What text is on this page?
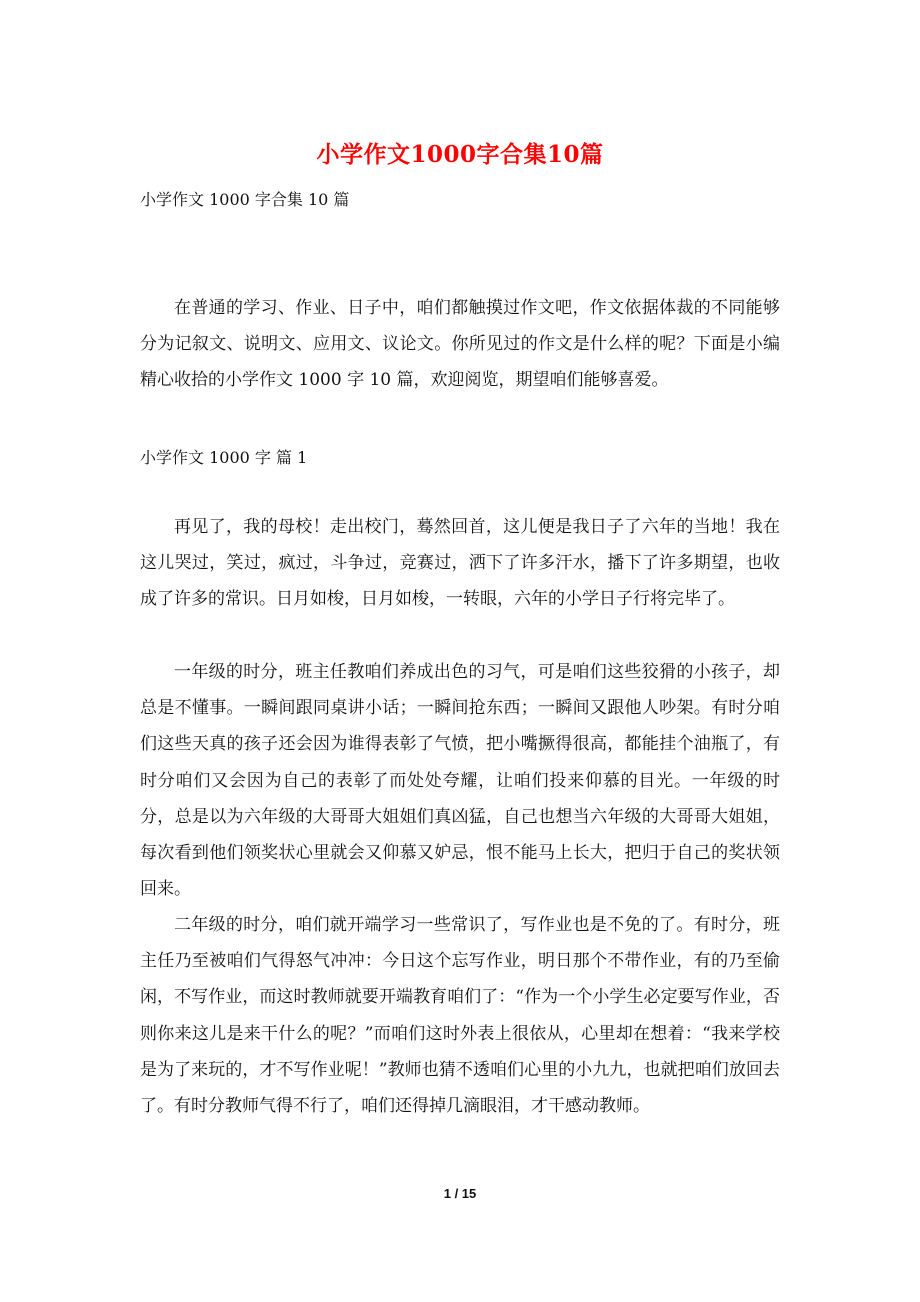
小学作文1000字合集10篇
小学作文 1000 字合集 10 篇

在普通的学习、作业、日子中，咱们都触摸过作文吧，作文依据体裁的不同能够分为记叙文、说明文、应用文、议论文。你所见过的作文是什么样的呢？下面是小编精心收拾的小学作文 1000 字 10 篇，欢迎阅览，期望咱们能够喜爱。

小学作文 1000 字 篇 1

再见了，我的母校！走出校门，蓦然回首，这儿便是我日子了六年的当地！我在这儿哭过，笑过，疯过，斗争过，竞赛过，洒下了许多汗水，播下了许多期望，也收成了许多的常识。日月如梭，日月如梭，一转眼，六年的小学日子行将完毕了。

一年级的时分，班主任教咱们养成出色的习气，可是咱们这些狡猾的小孩子，却总是不懂事。一瞬间跟同桌讲小话；一瞬间抢东西；一瞬间又跟他人吵架。有时分咱们这些天真的孩子还会因为谁得表彰了气愤，把小嘴撅得很高，都能挂个油瓶了，有时分咱们又会因为自己的表彰了而处处夸耀，让咱们投来仰慕的目光。一年级的时分，总是以为六年级的大哥哥大姐姐们真凶猛，自己也想当六年级的大哥哥大姐姐，每次看到他们领奖状心里就会又仰慕又妒忌，恨不能马上长大，把归于自己的奖状领回来。

二年级的时分，咱们就开端学习一些常识了，写作业也是不免的了。有时分，班主任乃至被咱们气得怒气冲冲：今日这个忘写作业，明日那个不带作业，有的乃至偷闲，不写作业，而这时教师就要开端教育咱们了：“作为一个小学生必定要写作业，否则你来这儿是来干什么的呢？”而咱们这时外表上很依从，心里却在想着：“我来学校是为了来玩的，才不写作业呢！”教师也猜不透咱们心里的小九九，也就把咱们放回去了。有时分教师气得不行了，咱们还得掉几滴眼泪，才干感动教师。

1 / 15
